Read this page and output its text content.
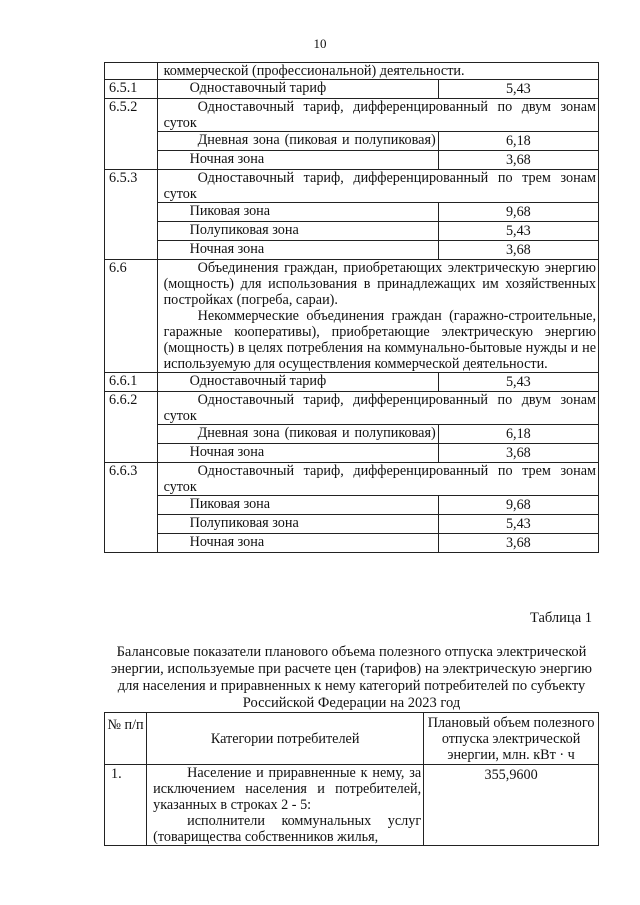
10
	коммерческой (профессиональной) деятельности.	
6.5.1	Одноставочный тариф	5,43
6.5.2	Одноставочный тариф, дифференцированный по двум зонам суток	

	Дневная зона (пиковая и полупиковая)	6,18
	Ночная зона	3,68
6.5.3	Одноставочный тариф, дифференцированный по трем зонам суток	
	Пиковая зона	9,68
	Полупиковая зона	5,43
	Ночная зона	3,68
6.6	Объединения граждан, приобретающих электрическую энергию (мощность) для использования в принадлежащих им хозяйственных постройках (погреба, сараи).
Некоммерческие объединения граждан (гаражно-строительные, гаражные кооперативы), приобретающие электрическую энергию (мощность) в целях потребления на коммунально-бытовые нужды и не используемую для осуществления коммерческой деятельности.	

6.6.1	Одноставочный тариф	5,43
6.6.2	Одноставочный тариф, дифференцированный по двум зонам суток	

	Дневная зона (пиковая и полупиковая)	6,18
	Ночная зона	3,68
6.6.3	Одноставочный тариф, дифференцированный по трем зонам суток	
	Пиковая зона	9,68
	Полупиковая зона	5,43
	Ночная зона	3,68
Таблица 1
Балансовые показатели планового объема полезного отпуска электрической энергии, используемые при расчете цен (тарифов) на электрическую энергию для населения и приравненных к нему категорий потребителей по субъекту Российской Федерации на 2023 год
№ п/п	Категории потребителей	Плановый объем полезного отпуска электрической энергии, млн. кВт · ч
1.	Население и приравненные к нему, за исключением населения и потребителей, указанных в строках 2 - 5:
исполнители коммунальных услуг (товарищества собственников жилья,	355,9600
